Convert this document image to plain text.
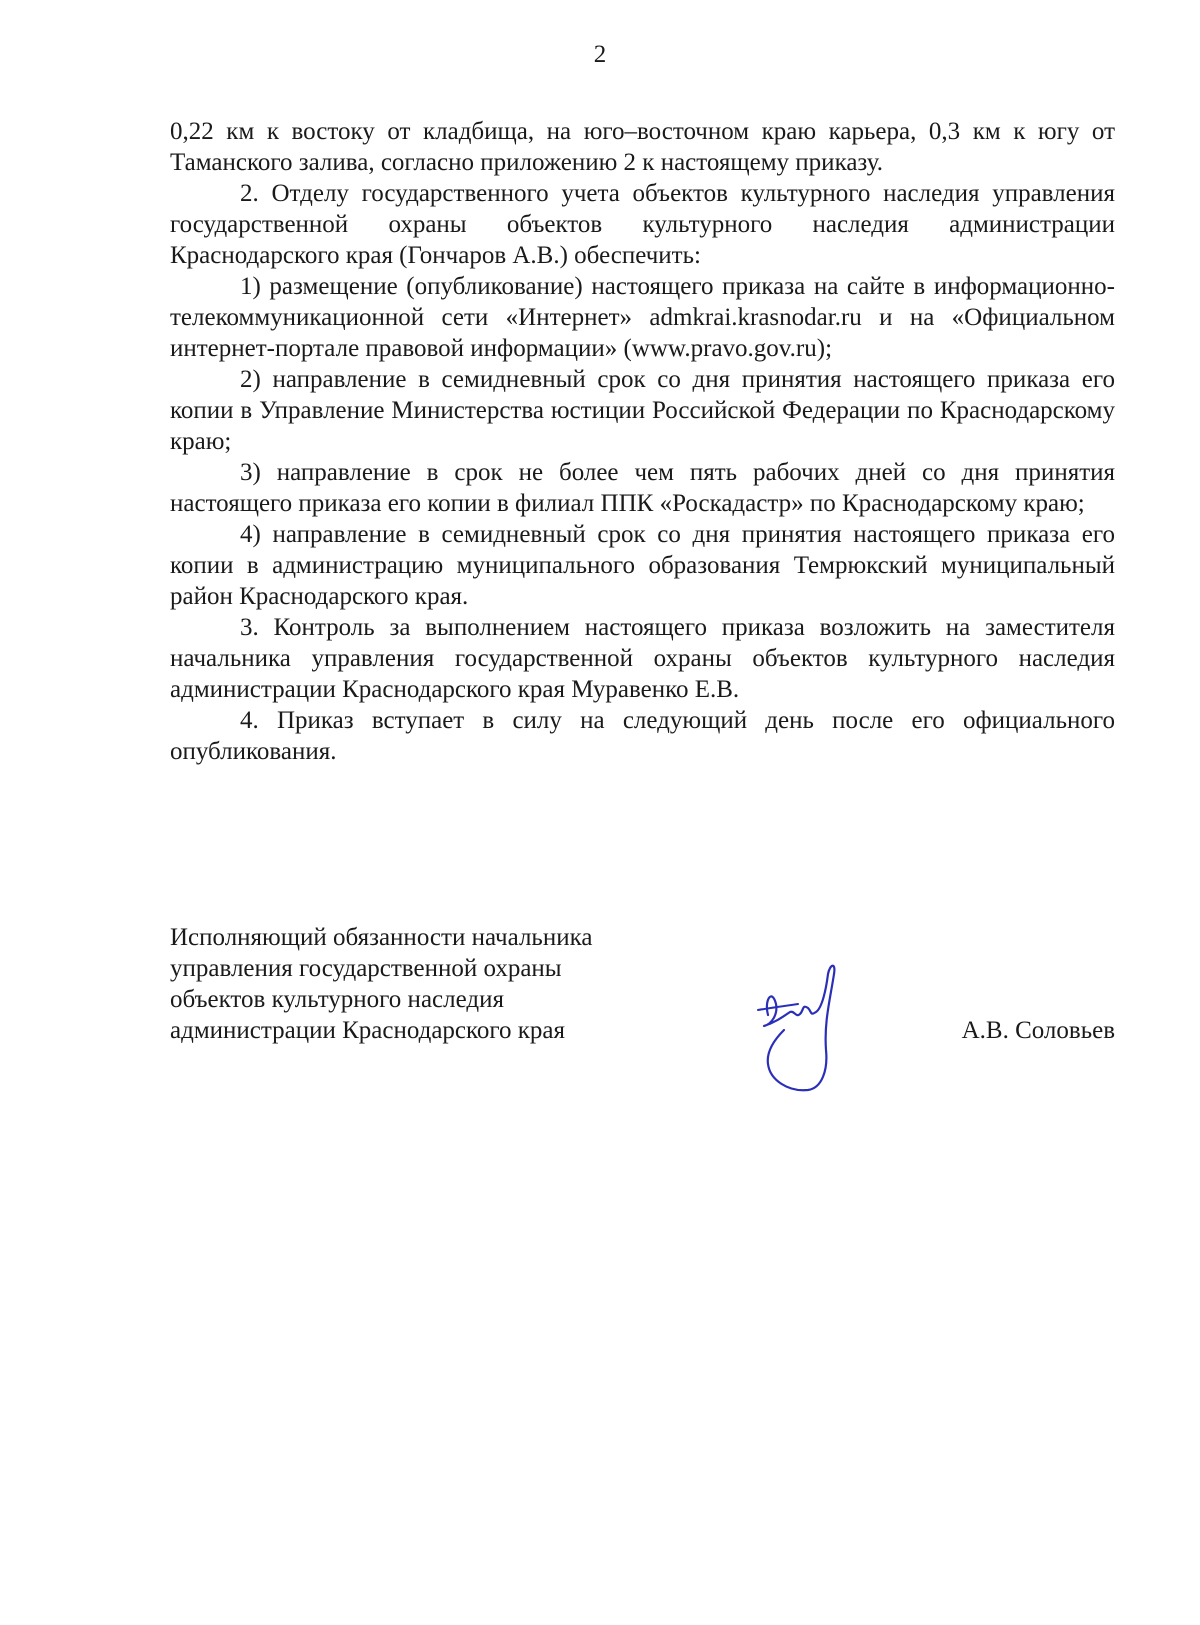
2

0,22 км к востоку от кладбища, на юго–восточном краю карьера, 0,3 км к югу от Таманского залива, согласно приложению 2 к настоящему приказу.

2. Отделу государственного учета объектов культурного наследия управления государственной охраны объектов культурного наследия администрации Краснодарского края (Гончаров А.В.) обеспечить:

1) размещение (опубликование) настоящего приказа на сайте в информационно-телекоммуникационной сети «Интернет» admkrai.krasnodar.ru и на «Официальном интернет-портале правовой информации» (www.pravo.gov.ru);

2) направление в семидневный срок со дня принятия настоящего приказа его копии в Управление Министерства юстиции Российской Федерации по Краснодарскому краю;

3) направление в срок не более чем пять рабочих дней со дня принятия настоящего приказа его копии в филиал ППК «Роскадастр» по Краснодарскому краю;

4) направление в семидневный срок со дня принятия настоящего приказа его копии в администрацию муниципального образования Темрюкский муниципальный район Краснодарского края.

3. Контроль за выполнением настоящего приказа возложить на заместителя начальника управления государственной охраны объектов культурного наследия администрации Краснодарского края Муравенко Е.В.

4. Приказ вступает в силу на следующий день после его официального опубликования.

Исполняющий обязанности начальника
управления государственной охраны
объектов культурного наследия
администрации Краснодарского края	А.В. Соловьев
